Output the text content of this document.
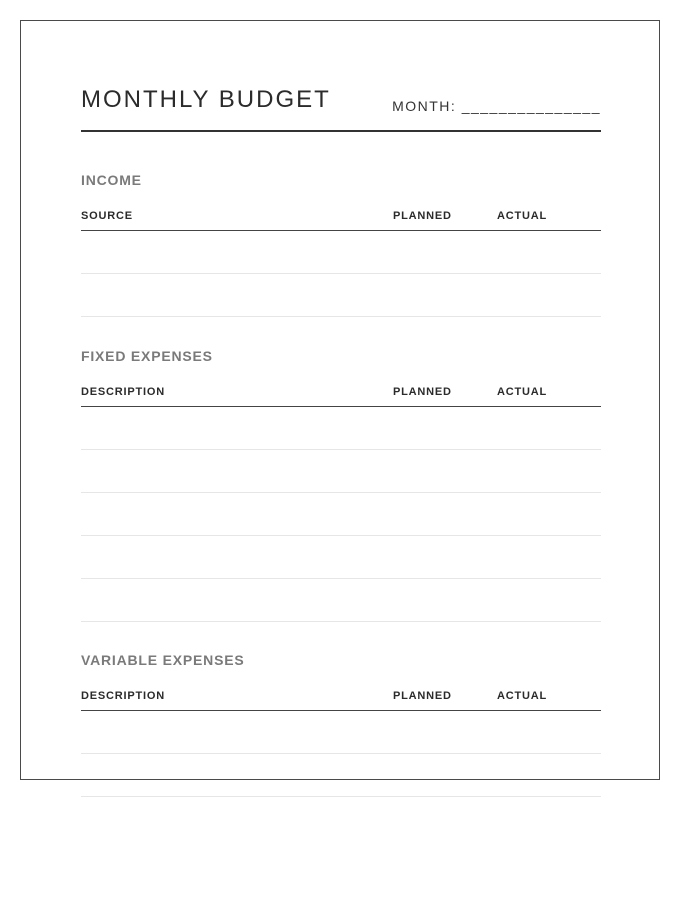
MONTHLY BUDGET	MONTH: _______________
INCOME
SOURCE	PLANNED	ACTUAL
FIXED EXPENSES
DESCRIPTION	PLANNED	ACTUAL
VARIABLE EXPENSES
DESCRIPTION	PLANNED	ACTUAL
